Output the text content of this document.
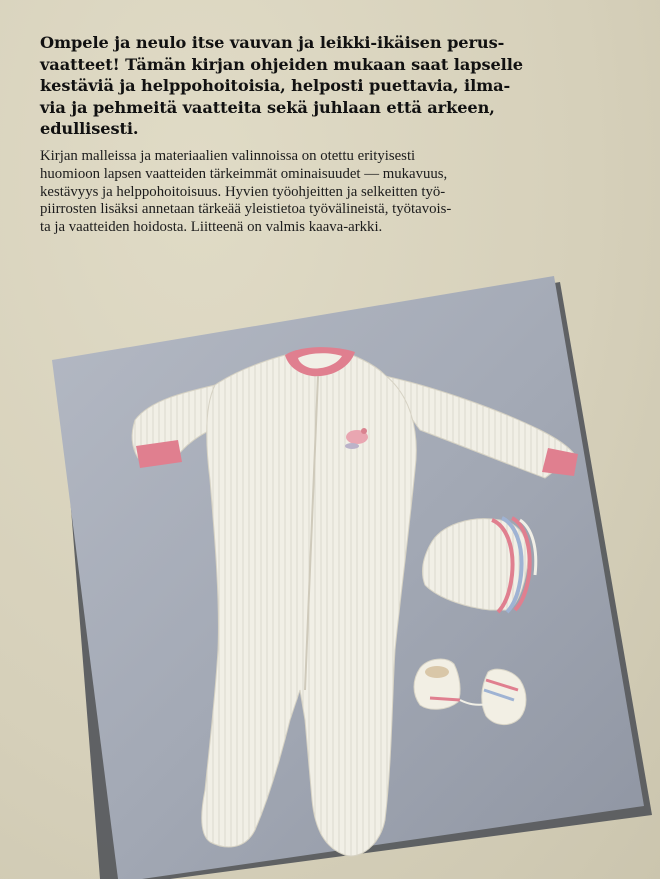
Ompele ja neulo itse vauvan ja leikki-ikäisen perus-
vaatteet! Tämän kirjan ohjeiden mukaan saat lapselle
kestäviä ja helppohoitoisia, helposti puettavia, ilma-
via ja pehmeitä vaatteita sekä juhlaan että arkeen,
edullisesti.

Kirjan malleissa ja materiaalien valinnoissa on otettu erityisesti
huomioon lapsen vaatteiden tärkeimmät ominaisuudet — mukavuus,
kestävyys ja helppohoitoisuus. Hyvien työohjeitten ja selkeitten työ-
piirrosten lisäksi annetaan tärkeää yleistietoa työvälineistä, työtavois-
ta ja vaatteiden hoidosta. Liitteenä on valmis kaava-arkki.
